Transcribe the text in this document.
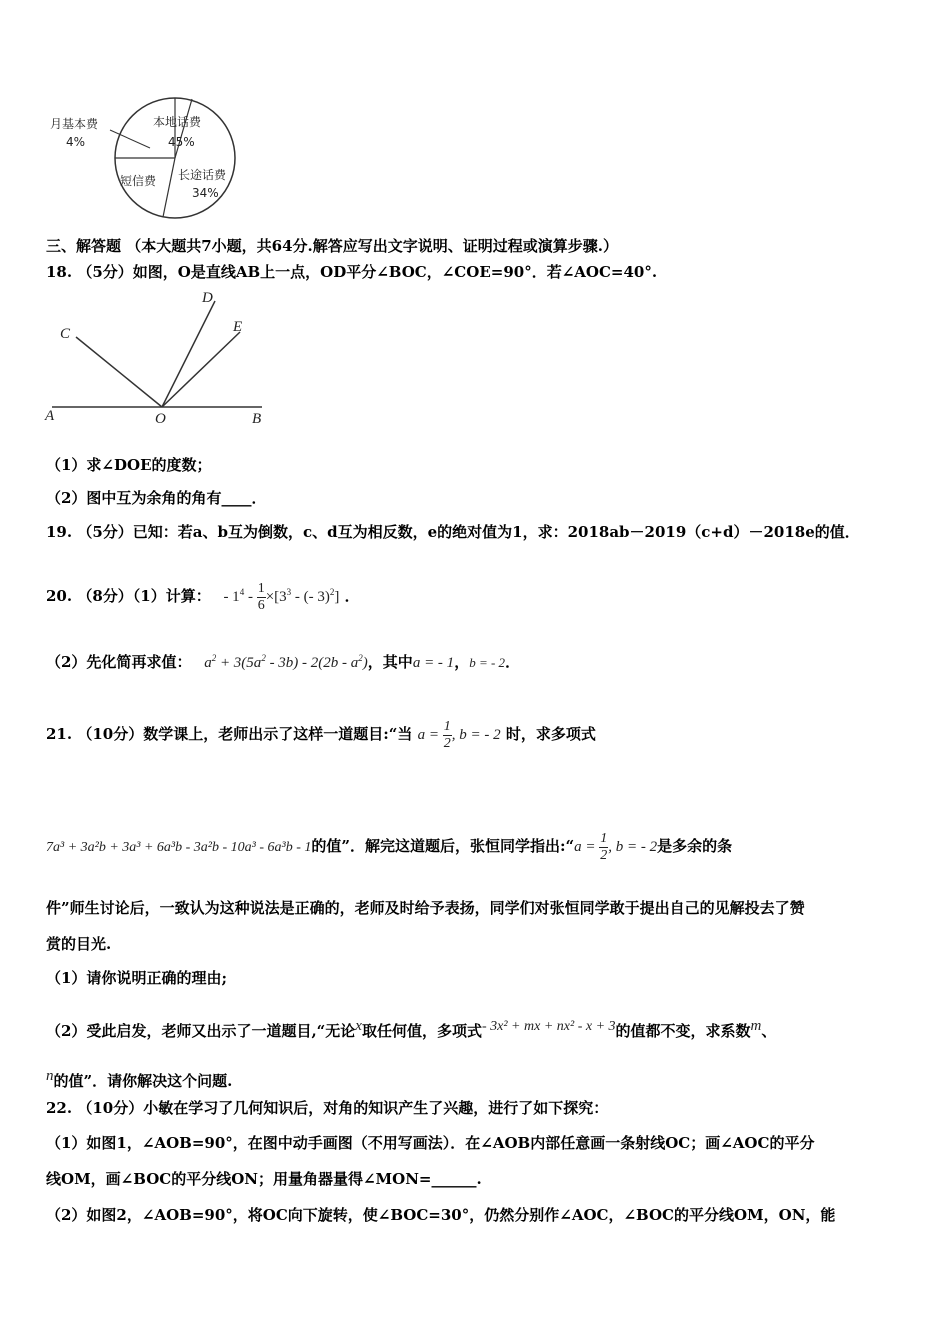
月基本费
4%
本地话费
45%
短信费 长途话费
34%
三、解答题 （本大题共7小题，共64分.解答应写出文字说明、证明过程或演算步骤.）
18. （5分）如图，O是直线AB上一点，OD平分∠BOC，∠COE=90°．若∠AOC=40°.
A	O	B
C
D
E
（1）求∠DOE的度数；
（2）图中互为余角的角有____．
19. （5分）已知：若a、b互为倒数，c、d互为相反数，e的绝对值为1，求：2018ab－2019（c+d）－2018e的值．
20. （8分）（1）计算：   - $1^4 - \frac{1}{6} \times[3^3$ - (- 3)$^2$] ．
（2）先化简再求值：   $a^2 + 3(5a^2 - 3b) - 2(2b - a^2)$，其中a = - 1，b = - 2．
21. （10分）数学课上，老师出示了这样一道题目:“当 $a = \frac{1}{2}$ , b = - 2 时，求多项式
7a³ + 3a²b + 3a³ + 6a³b - 3a²b - 10a³ - 6a³b - 1的值”．解完这道题后，张恒同学指出:“a = $\frac{1}{2}$ , b = - 2是多余的条
件”师生讨论后，一致认为这种说法是正确的，老师及时给予表扬，同学们对张恒同学敢于提出自己的见解投去了赞
赏的目光.
（1）请你说明正确的理由;
（2）受此启发，老师又出示了一道题目,“无论x取任何值，多项式- 3x² + mx + nx² - x + 3的值都不变，求系数m、
n的值”．请你解决这个问题.
22. （10分）小敏在学习了几何知识后，对角的知识产生了兴趣，进行了如下探究：
（1）如图1，∠AOB=90°，在图中动手画图（不用写画法）．在∠AOB内部任意画一条射线OC；画∠AOC的平分
线OM，画∠BOC的平分线ON；用量角器量得∠MON=______.
（2）如图2，∠AOB=90°，将OC向下旋转，使∠BOC=30°，仍然分别作∠AOC，∠BOC的平分线OM，ON，能
